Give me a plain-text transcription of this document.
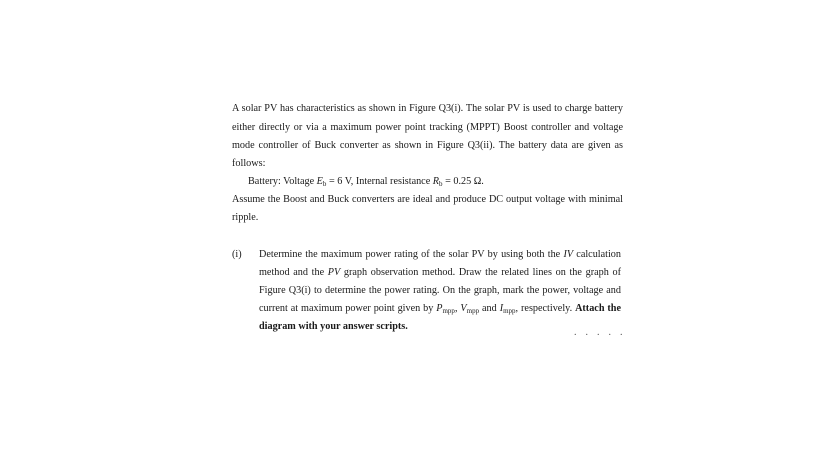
A solar PV has characteristics as shown in Figure Q3(i). The solar PV is used to charge battery
either directly or via a maximum power point tracking (MPPT) Boost controller and voltage
mode controller of Buck converter as shown in Figure Q3(ii). The battery data are given as
follows:
Battery: Voltage $E_b = 6$ V, Internal resistance $R_b = 0.25$ Ω.
Assume the Boost and Buck converters are ideal and produce DC output voltage with minimal
ripple.
(i) Determine the maximum power rating of the solar PV by using both the IV calculation
method and the PV graph observation method. Draw the related lines on the graph of
Figure Q3(i) to determine the power rating. On the graph, mark the power, voltage and
current at maximum power point given by $P_{mpp}$, $V_{mpp}$ and $I_{mpp}$, respectively. Attach the
diagram with your answer scripts.
.....
